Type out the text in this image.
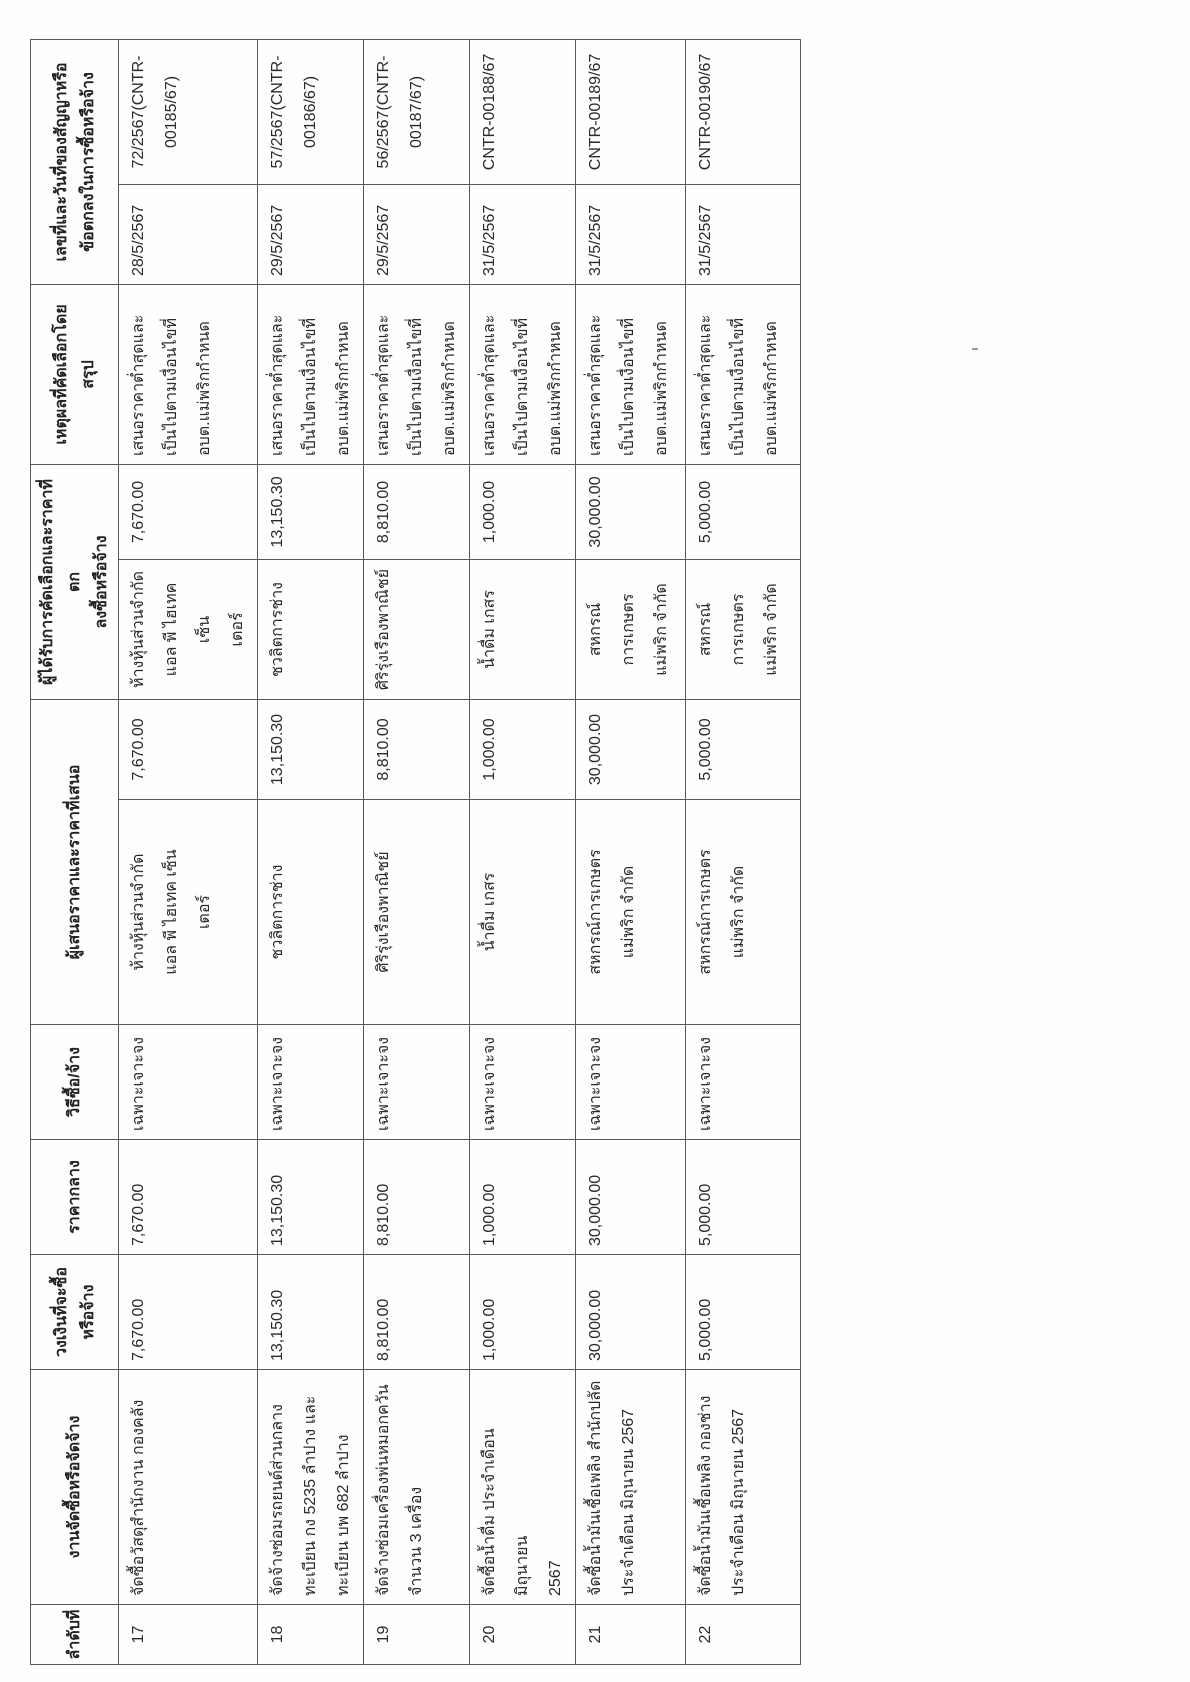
ลำดับที่	งานจัดซื้อหรือจัดจ้าง	วงเงินที่จะซื้อ
หรือจ้าง	ราคากลาง	วิธีซื้อ/จ้าง	ผู้เสนอราคาและราคาที่เสนอ		ผู้ได้รับการคัดเลือกและราคาที่ตก
ลงซื้อหรือจ้าง		เหตุผลที่คัดเลือกโดย
สรุป	เลขที่และวันที่ของสัญญาหรือ
ข้อตกลงในการซื้อหรือจ้าง	
17	จัดซื้อวัสดุสำนักงาน กองคลัง	7,670.00	7,670.00	เฉพาะเจาะจง	ห้างหุ้นส่วนจำกัด
แอล พี ไฮเทค เซ็น
เตอร์	7,670.00	ห้างหุ้นส่วนจำกัด
แอล พี ไฮเทค เซ็น
เตอร์	7,670.00	เสนอราคาต่ำสุดและ
เป็นไปตามเงื่อนไขที่
อบต.แม่พริกกำหนด	28/5/2567	72/2567(CNTR-
00185/67)
18	จัดจ้างซ่อมรถยนต์ส่วนกลาง
ทะเบียน กง 5235 ลำปาง และ
ทะเบียน บพ 682 ลำปาง	13,150.30	13,150.30	เฉพาะเจาะจง	ชวลิตการช่าง	13,150.30	ชวลิตการช่าง	13,150.30	เสนอราคาต่ำสุดและ
เป็นไปตามเงื่อนไขที่
อบต.แม่พริกกำหนด	29/5/2567	57/2567(CNTR-
00186/67)
19	จัดจ้างซ่อมเครื่องพ่นหมอกควัน
จำนวน 3 เครื่อง	8,810.00	8,810.00	เฉพาะเจาะจง	ศิริรุ่งเรืองพาณิชย์	8,810.00	ศิริรุ่งเรืองพาณิชย์	8,810.00	เสนอราคาต่ำสุดและ
เป็นไปตามเงื่อนไขที่
อบต.แม่พริกกำหนด	29/5/2567	56/2567(CNTR-
00187/67)
20	จัดซื้อน้ำดื่ม ประจำเดือน มิถุนายน
2567	1,000.00	1,000.00	เฉพาะเจาะจง	น้ำดื่ม เกสร	1,000.00	น้ำดื่ม เกสร	1,000.00	เสนอราคาต่ำสุดและ
เป็นไปตามเงื่อนไขที่
อบต.แม่พริกกำหนด	31/5/2567	CNTR-00188/67
21	จัดซื้อน้ำมันเชื้อเพลิง สำนักปลัด
ประจำเดือน มิถุนายน 2567	30,000.00	30,000.00	เฉพาะเจาะจง	สหกรณ์การเกษตร
แม่พริก จำกัด	30,000.00	สหกรณ์การเกษตร
แม่พริก จำกัด	30,000.00	เสนอราคาต่ำสุดและ
เป็นไปตามเงื่อนไขที่
อบต.แม่พริกกำหนด	31/5/2567	CNTR-00189/67
22	จัดซื้อน้ำมันเชื้อเพลิง กองช่าง
ประจำเดือน มิถุนายน 2567	5,000.00	5,000.00	เฉพาะเจาะจง	สหกรณ์การเกษตร
แม่พริก จำกัด	5,000.00	สหกรณ์การเกษตร
แม่พริก จำกัด	5,000.00	เสนอราคาต่ำสุดและ
เป็นไปตามเงื่อนไขที่
อบต.แม่พริกกำหนด	31/5/2567	CNTR-00190/67
